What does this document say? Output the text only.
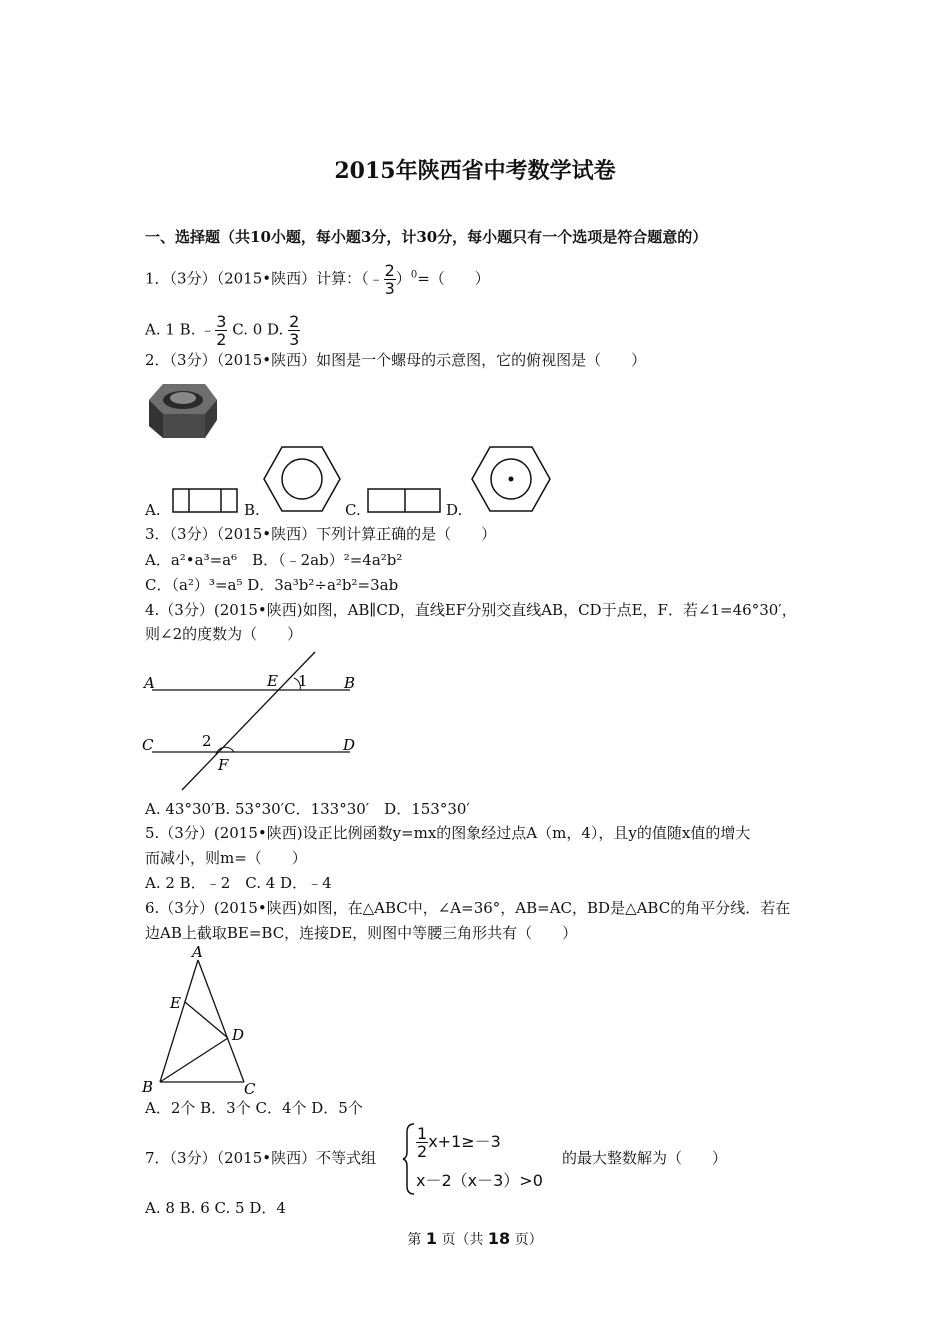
2015年陕西省中考数学试卷
一、选择题（共10小题，每小题3分，计30分，每小题只有一个选项是符合题意的）
1．（3分）（2015•陕西）计算：（﹣ $\frac{2}{3} )^0=$（　　）
A. 1 B. ﹣ $\frac{3}{2} C$. 0 D. $\frac{2}{3}$
2．（3分）（2015•陕西）如图是一个螺母的示意图，它的俯视图是（　　）
A.	B.	C.	D.
3．（3分）（2015•陕西）下列计算正确的是（　　）
A．a²•a³=a⁶　B．（﹣2ab）²=4a²b²
C．（a²）³=a⁵ D．3a³b²÷a²b²=3ab
4.（3分）(2015•陕西)如图，AB∥CD，直线EF分别交直线AB，CD于点E，F．若∠1=46°30′，
则∠2的度数为（　　）
A	B
C	D
E
F
1
2
A. 43°30′B. 53°30′C．133°30′　D．153°30′
5.（3分）(2015•陕西)设正比例函数y=mx的图象经过点A（m，4），且y的值随x值的增大
而减小，则m=（　　）
A. 2 B．﹣2　C. 4 D．﹣4
6.（3分）(2015•陕西)如图，在△ABC中，∠A=36°，AB=AC，BD是△ABC的角平分线．若在
边AB上截取BE=BC，连接DE，则图中等腰三角形共有（　　）
A
B	C
D
E
A．2个 B．3个 C．4个 D．5个
7．（3分）（2015•陕西）不等式组 $\frac{1}{2} x+1\ge-3$
x－2（x－3）>0
的最大整数解为（　　）
A. 8 B. 6 C. 5 D．4
第 1 页（共 18 页）
